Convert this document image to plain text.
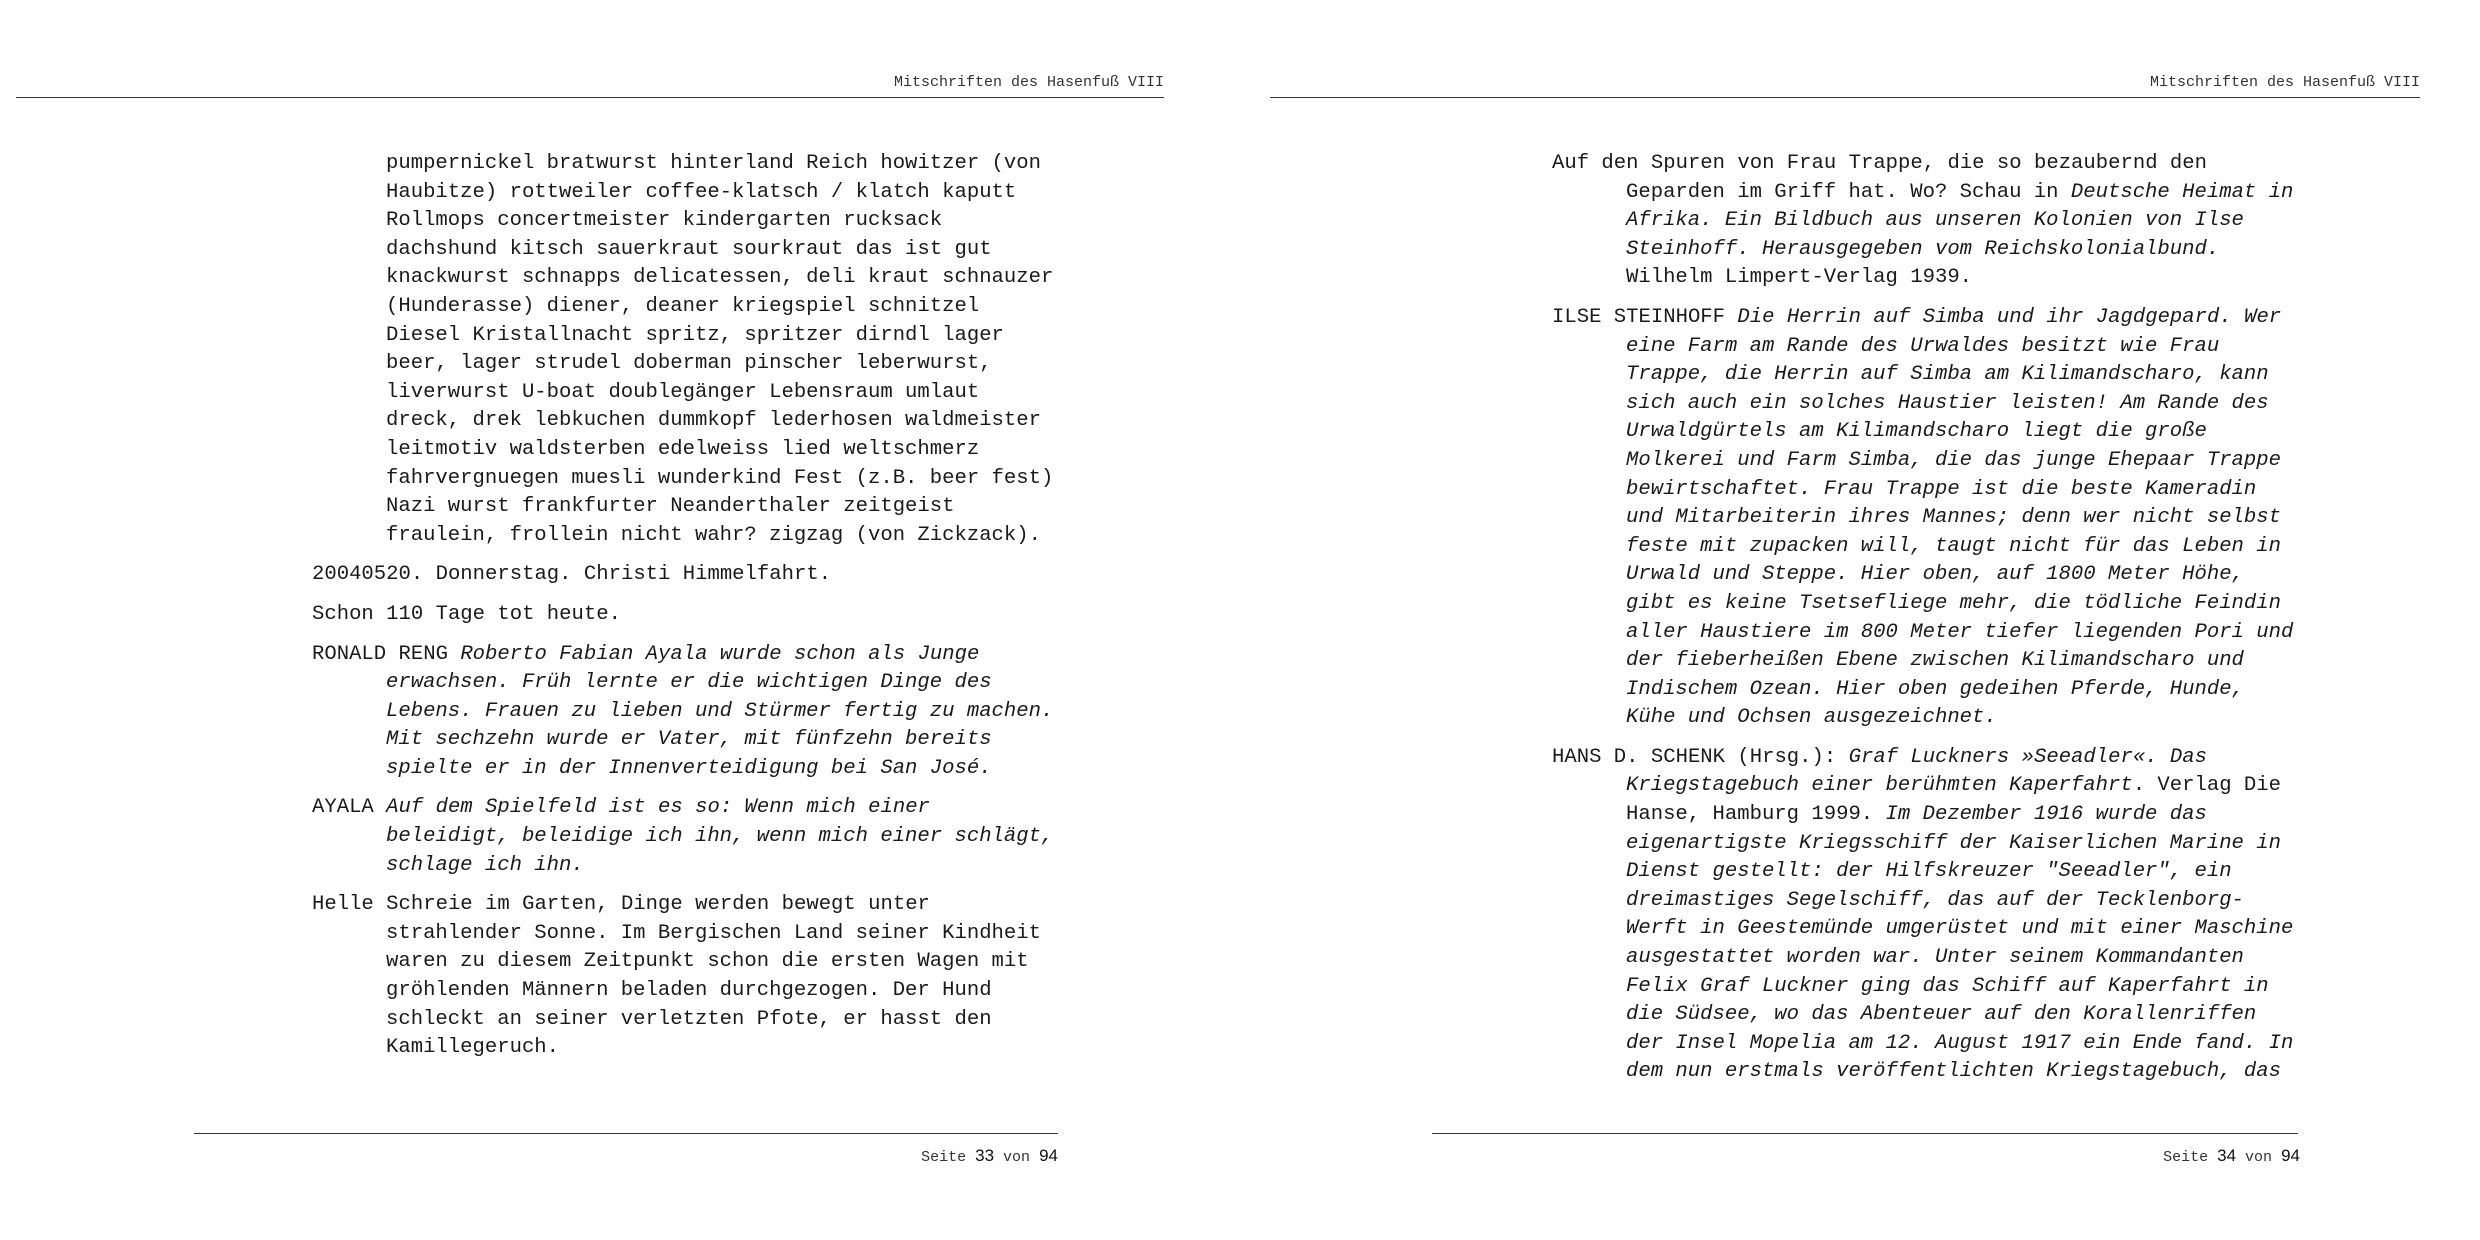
Mitschriften des Hasenfuß VIII
pumpernickel bratwurst hinterland Reich howitzer (von
Haubitze) rottweiler coffee-klatsch / klatch kaputt
Rollmops concertmeister kindergarten rucksack
dachshund kitsch sauerkraut sourkraut das ist gut
knackwurst schnapps delicatessen, deli kraut schnauzer
(Hunderasse) diener, deaner kriegspiel schnitzel
Diesel Kristallnacht spritz, spritzer dirndl lager
beer, lager strudel doberman pinscher leberwurst,
liverwurst U-boat doublegänger Lebensraum umlaut
dreck, drek lebkuchen dummkopf lederhosen waldmeister
leitmotiv waldsterben edelweiss lied weltschmerz
fahrvergnuegen muesli wunderkind Fest (z.B. beer fest)
Nazi wurst frankfurter Neanderthaler zeitgeist
fraulein, frollein nicht wahr? zigzag (von Zickzack).
20040520. Donnerstag. Christi Himmelfahrt.
Schon 110 Tage tot heute.
RONALD RENG Roberto Fabian Ayala wurde schon als Junge
erwachsen. Früh lernte er die wichtigen Dinge des
Lebens. Frauen zu lieben und Stürmer fertig zu machen.
Mit sechzehn wurde er Vater, mit fünfzehn bereits
spielte er in der Innenverteidigung bei San José.
AYALA Auf dem Spielfeld ist es so: Wenn mich einer
beleidigt, beleidige ich ihn, wenn mich einer schlägt,
schlage ich ihn.
Helle Schreie im Garten, Dinge werden bewegt unter
strahlender Sonne. Im Bergischen Land seiner Kindheit
waren zu diesem Zeitpunkt schon die ersten Wagen mit
gröhlenden Männern beladen durchgezogen. Der Hund
schleckt an seiner verletzten Pfote, er hasst den
Kamillegeruch.
Seite 33 von 94
Mitschriften des Hasenfuß VIII
Auf den Spuren von Frau Trappe, die so bezaubernd den
Geparden im Griff hat. Wo? Schau in Deutsche Heimat in
Afrika. Ein Bildbuch aus unseren Kolonien von Ilse
Steinhoff. Herausgegeben vom Reichskolonialbund.
Wilhelm Limpert-Verlag 1939.
ILSE STEINHOFF Die Herrin auf Simba und ihr Jagdgepard. Wer
eine Farm am Rande des Urwaldes besitzt wie Frau
Trappe, die Herrin auf Simba am Kilimandscharo, kann
sich auch ein solches Haustier leisten! Am Rande des
Urwaldgürtels am Kilimandscharo liegt die große
Molkerei und Farm Simba, die das junge Ehepaar Trappe
bewirtschaftet. Frau Trappe ist die beste Kameradin
und Mitarbeiterin ihres Mannes; denn wer nicht selbst
feste mit zupacken will, taugt nicht für das Leben in
Urwald und Steppe. Hier oben, auf 1800 Meter Höhe,
gibt es keine Tsetsefliege mehr, die tödliche Feindin
aller Haustiere im 800 Meter tiefer liegenden Pori und
der fieberheißen Ebene zwischen Kilimandscharo und
Indischem Ozean. Hier oben gedeihen Pferde, Hunde,
Kühe und Ochsen ausgezeichnet.
HANS D. SCHENK (Hrsg.): Graf Luckners »Seeadler«. Das
Kriegstagebuch einer berühmten Kaperfahrt. Verlag Die
Hanse, Hamburg 1999. Im Dezember 1916 wurde das
eigenartigste Kriegsschiff der Kaiserlichen Marine in
Dienst gestellt: der Hilfskreuzer "Seeadler", ein
dreimastiges Segelschiff, das auf der Tecklenborg-
Werft in Geestemünde umgerüstet und mit einer Maschine
ausgestattet worden war. Unter seinem Kommandanten
Felix Graf Luckner ging das Schiff auf Kaperfahrt in
die Südsee, wo das Abenteuer auf den Korallenriffen
der Insel Mopelia am 12. August 1917 ein Ende fand. In
dem nun erstmals veröffentlichten Kriegstagebuch, das
Seite 34 von 94
